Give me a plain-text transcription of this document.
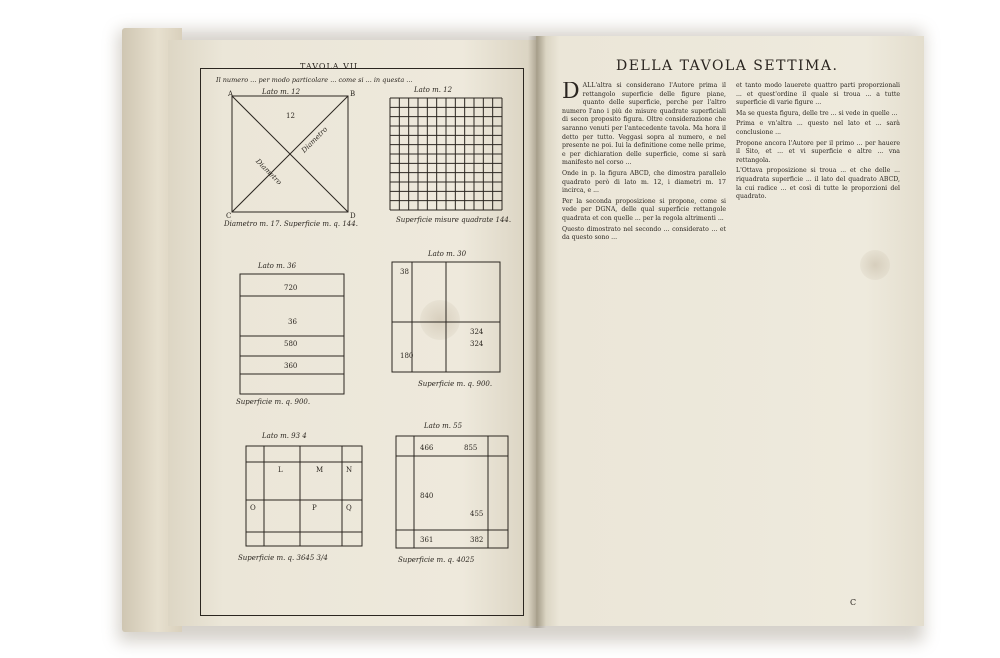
TAVOLA VII
Il numero ... per modo particolare ... come si ... in questa ...
Lato m. 12
Diametro m. 17. Superficie m. q. 144.
12
Diametro
Diametro
A	B
C	D
Lato m. 12
Superficie misure quadrate 144.
Lato m. 36
720
36
580
360
Superficie m. q. 900.
Lato m. 30
324
324
38
180
Superficie m. q. 900.
Lato m. 93 4
L	M	N
O	P	Q
Superficie m. q. 3645 3/4
Lato m. 55
466	855
840
455
361	382
Superficie m. q. 4025
DELLA TAVOLA SETTIMA.

DALL'altra si considerano l'Autore prima il rettangolo superficie delle figure piane, quanto delle superficie, perche per l'altro numero l'ano i più de misure quadrate superficiali di secon proposito figura. Oltre considerazione che saranno venuti per l'antecedente tavola. Ma hora il detto per tutto. Veggasi sopra al numero, e nel presente ne poi. Iui la definitione come nelle prime, e per dichiaration delle superficie, come si sarà manifesto nel corso ...

Onde in p. la figura ABCD, che dimostra parallelo quadrato però di lato m. 12, i diametri m. 17 incirca, e ...

Per la seconda proposizione si propone, come si vede per DGNA, delle qual superficie rettangole quadrata et con quelle ... per la regola altrimenti ...

Questo dimostrato nel secondo ... considerato ... et da questo sono ...

et tanto modo lauerete quattro parti proporzionali ... et quest'ordine il quale si troua ... a tutte superficie di varie figure ...

Ma se questa figura, delle tre ... si vede in quelle ...

Prima e vn'altra ... questo nel lato et ... sarà conclusione ...

Propone ancora l'Autore per il primo ... per hauere il Sito, et ... et vi superficie e altre ... vna rettangola.

L'Ottava proposizione si troua ... et che delle ... riquadrata superficie ... il lato del quadrato ABCD, la cui radice ... et così di tutte le proporzioni del quadrato.

C
